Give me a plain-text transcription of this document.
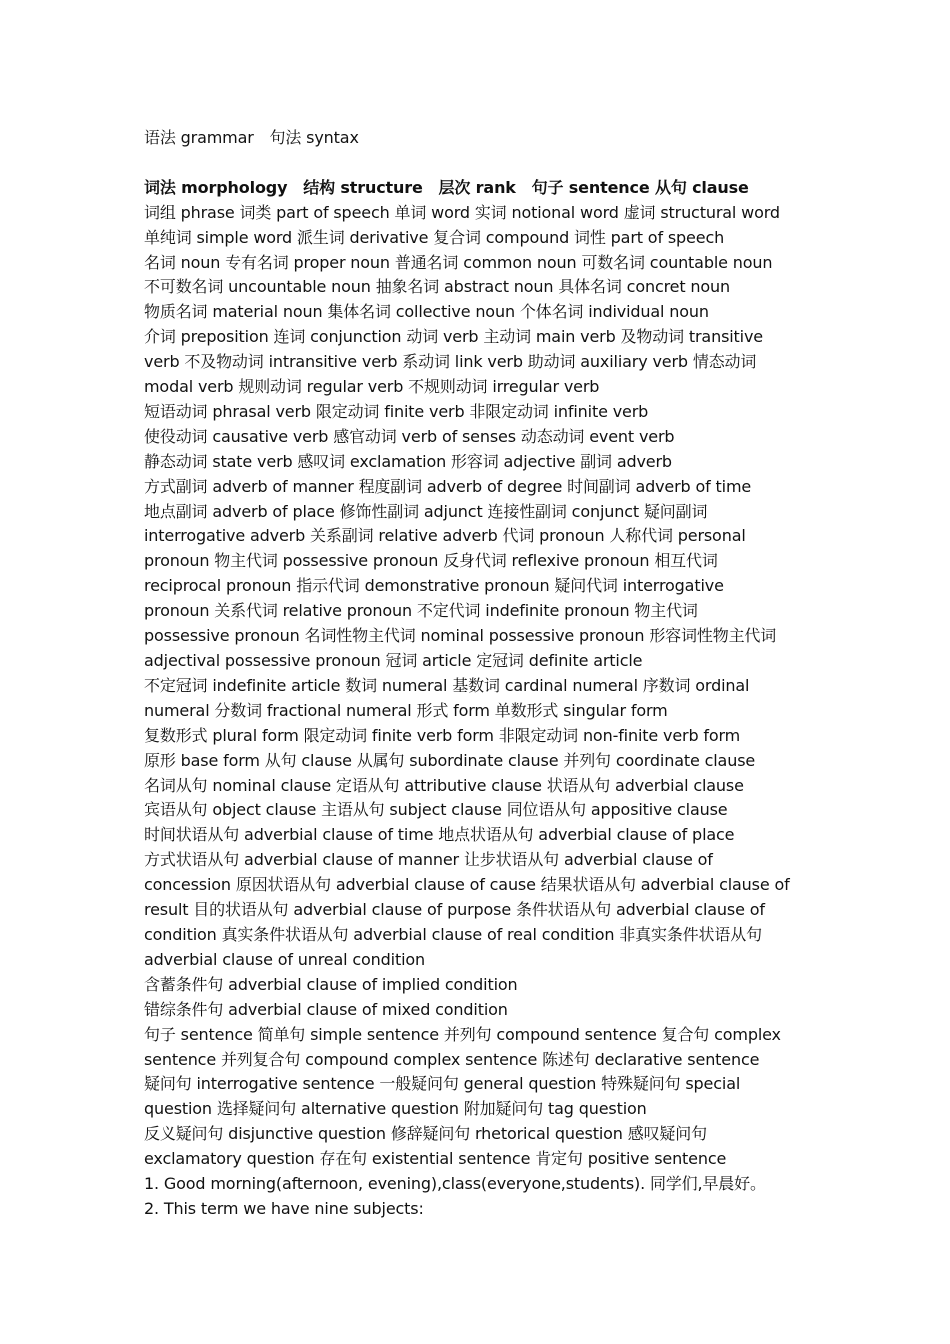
语法 grammar　句法 syntax
词法 morphology　结构 structure　层次 rank　句子 sentence 从句 clause
词组 phrase 词类 part of speech 单词 word 实词 notional word 虚词 structural word
单纯词 simple word 派生词 derivative 复合词 compound 词性 part of speech
名词 noun 专有名词 proper noun 普通名词 common noun 可数名词 countable noun
不可数名词 uncountable noun 抽象名词 abstract noun 具体名词 concret noun
物质名词 material noun 集体名词 collective noun 个体名词 individual noun
介词 preposition 连词 conjunction 动词 verb 主动词 main verb 及物动词 transitive
verb 不及物动词 intransitive verb 系动词 link verb 助动词 auxiliary verb 情态动词
modal verb 规则动词 regular verb 不规则动词 irregular verb
短语动词 phrasal verb 限定动词 finite verb 非限定动词 infinite verb
使役动词 causative verb 感官动词 verb of senses 动态动词 event verb
静态动词 state verb 感叹词 exclamation 形容词 adjective 副词 adverb
方式副词 adverb of manner 程度副词 adverb of degree 时间副词 adverb of time
地点副词 adverb of place 修饰性副词 adjunct 连接性副词 conjunct 疑问副词
interrogative adverb 关系副词 relative adverb 代词 pronoun 人称代词 personal
pronoun 物主代词 possessive pronoun 反身代词 reflexive pronoun 相互代词
reciprocal pronoun 指示代词 demonstrative pronoun 疑问代词 interrogative
pronoun 关系代词 relative pronoun 不定代词 indefinite pronoun 物主代词
possessive pronoun 名词性物主代词 nominal possessive pronoun 形容词性物主代词
adjectival possessive pronoun 冠词 article 定冠词 definite article
不定冠词 indefinite article 数词 numeral 基数词 cardinal numeral 序数词 ordinal
numeral 分数词 fractional numeral 形式 form 单数形式 singular form
复数形式 plural form 限定动词 finite verb form 非限定动词 non-finite verb form
原形 base form 从句 clause 从属句 subordinate clause 并列句 coordinate clause
名词从句 nominal clause 定语从句 attributive clause 状语从句 adverbial clause
宾语从句 object clause 主语从句 subject clause 同位语从句 appositive clause
时间状语从句 adverbial clause of time 地点状语从句 adverbial clause of place
方式状语从句 adverbial clause of manner 让步状语从句 adverbial clause of
concession 原因状语从句 adverbial clause of cause 结果状语从句 adverbial clause of
result 目的状语从句 adverbial clause of purpose 条件状语从句 adverbial clause of
condition 真实条件状语从句 adverbial clause of real condition 非真实条件状语从句
adverbial clause of unreal condition
含蓄条件句 adverbial clause of implied condition
错综条件句 adverbial clause of mixed condition
句子 sentence 简单句 simple sentence 并列句 compound sentence 复合句 complex
sentence 并列复合句 compound complex sentence 陈述句 declarative sentence
疑问句 interrogative sentence 一般疑问句 general question 特殊疑问句 special
question 选择疑问句 alternative question 附加疑问句 tag question
反义疑问句 disjunctive question 修辞疑问句 rhetorical question 感叹疑问句
exclamatory question 存在句 existential sentence 肯定句 positive sentence
1. Good morning(afternoon, evening),class(everyone,students). 同学们,早晨好。
2. This term we have nine subjects:
